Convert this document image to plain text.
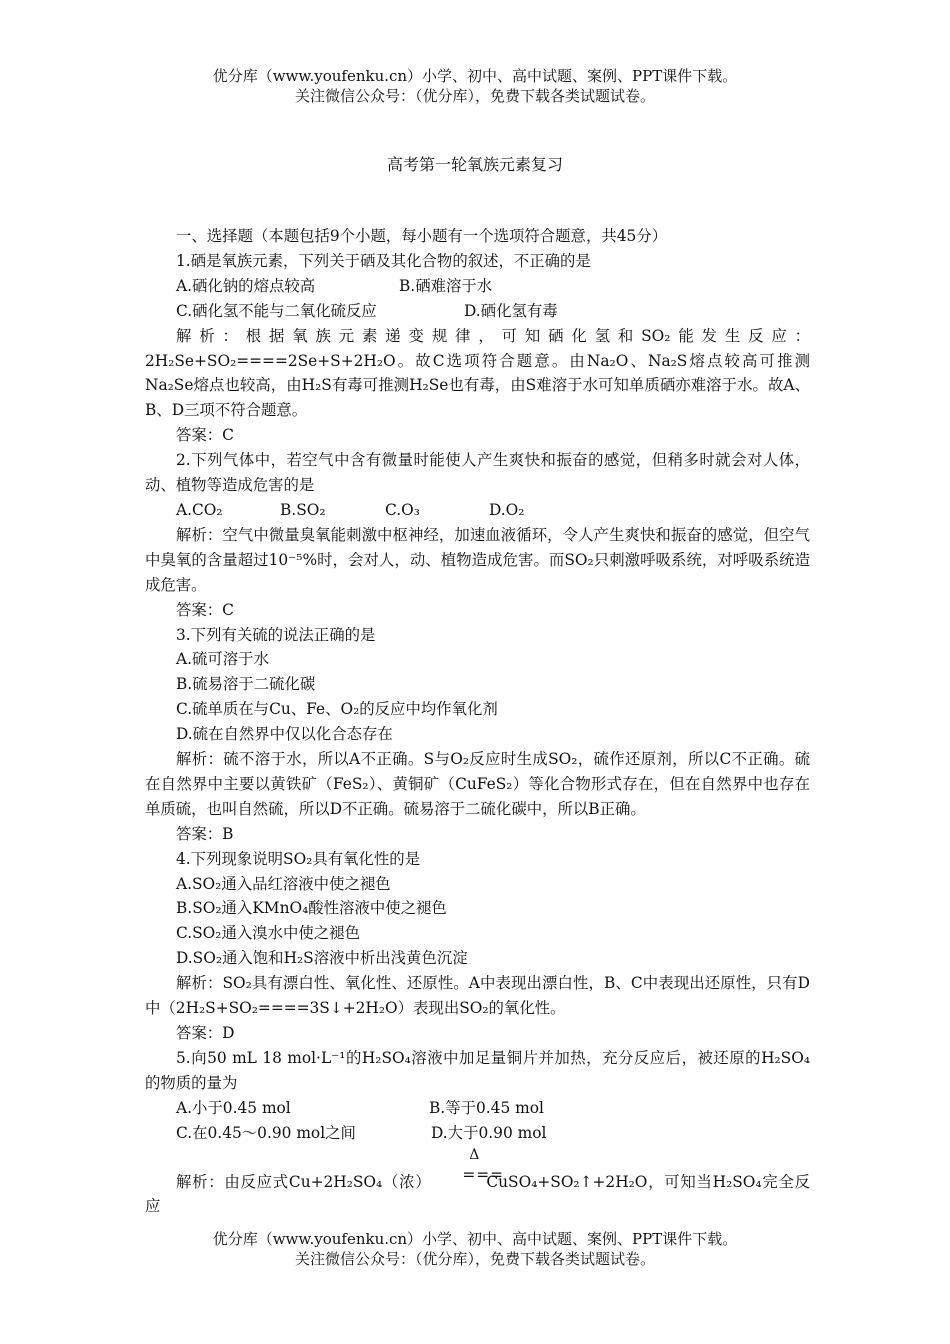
优分库（www.youfenku.cn）小学、初中、高中试题、案例、PPT课件下载。
关注微信公众号：（优分库），免费下载各类试题试卷。
高考第一轮氧族元素复习
一、选择题（本题包括9个小题，每小题有一个选项符合题意，共45分）
1.硒是氧族元素，下列关于硒及其化合物的叙述，不正确的是
A.硒化钠的熔点较高	B.硒难溶于水
C.硒化氢不能与二氧化硫反应	D.硒化氢有毒
解析：根据氧族元素递变规律，可知硒化氢和SO₂能发生反应：2H₂Se+SO₂====2Se+S+2H₂O。故C选项符合题意。由Na₂O、Na₂S熔点较高可推测Na₂Se熔点也较高，由H₂S有毒可推测H₂Se也有毒，由S难溶于水可知单质硒亦难溶于水。故A、B、D三项不符合题意。
答案：C
2.下列气体中，若空气中含有微量时能使人产生爽快和振奋的感觉，但稍多时就会对人体，动、植物等造成危害的是
A.CO₂	B.SO₂	C.O₃	D.O₂
解析：空气中微量臭氧能刺激中枢神经，加速血液循环，令人产生爽快和振奋的感觉，但空气中臭氧的含量超过10⁻⁵%时，会对人，动、植物造成危害。而SO₂只刺激呼吸系统，对呼吸系统造成危害。
答案：C
3.下列有关硫的说法正确的是
A.硫可溶于水
B.硫易溶于二硫化碳
C.硫单质在与Cu、Fe、O₂的反应中均作氧化剂
D.硫在自然界中仅以化合态存在
解析：硫不溶于水，所以A不正确。S与O₂反应时生成SO₂，硫作还原剂，所以C不正确。硫在自然界中主要以黄铁矿（FeS₂）、黄铜矿（CuFeS₂）等化合物形式存在，但在自然界中也存在单质硫，也叫自然硫，所以D不正确。硫易溶于二硫化碳中，所以B正确。
答案：B
4.下列现象说明SO₂具有氧化性的是
A.SO₂通入品红溶液中使之褪色
B.SO₂通入KMnO₄酸性溶液中使之褪色
C.SO₂通入溴水中使之褪色
D.SO₂通入饱和H₂S溶液中析出浅黄色沉淀
解析：SO₂具有漂白性、氧化性、还原性。A中表现出漂白性，B、C中表现出还原性，只有D中（2H₂S+SO₂====3S↓+2H₂O）表现出SO₂的氧化性。
答案：D
5.向50 mL 18 mol·L⁻¹的H₂SO₄溶液中加足量铜片并加热，充分反应后，被还原的H₂SO₄的物质的量为
A.小于0.45 mol	B.等于0.45 mol
C.在0.45～0.90 mol之间	D.大于0.90 mol
解析：由反应式Cu+2H₂SO₄（浓）
Δ
===CuSO₄+SO₂↑+2H₂O，可知当H₂SO₄完全反应
优分库（www.youfenku.cn）小学、初中、高中试题、案例、PPT课件下载。
关注微信公众号：（优分库），免费下载各类试题试卷。
